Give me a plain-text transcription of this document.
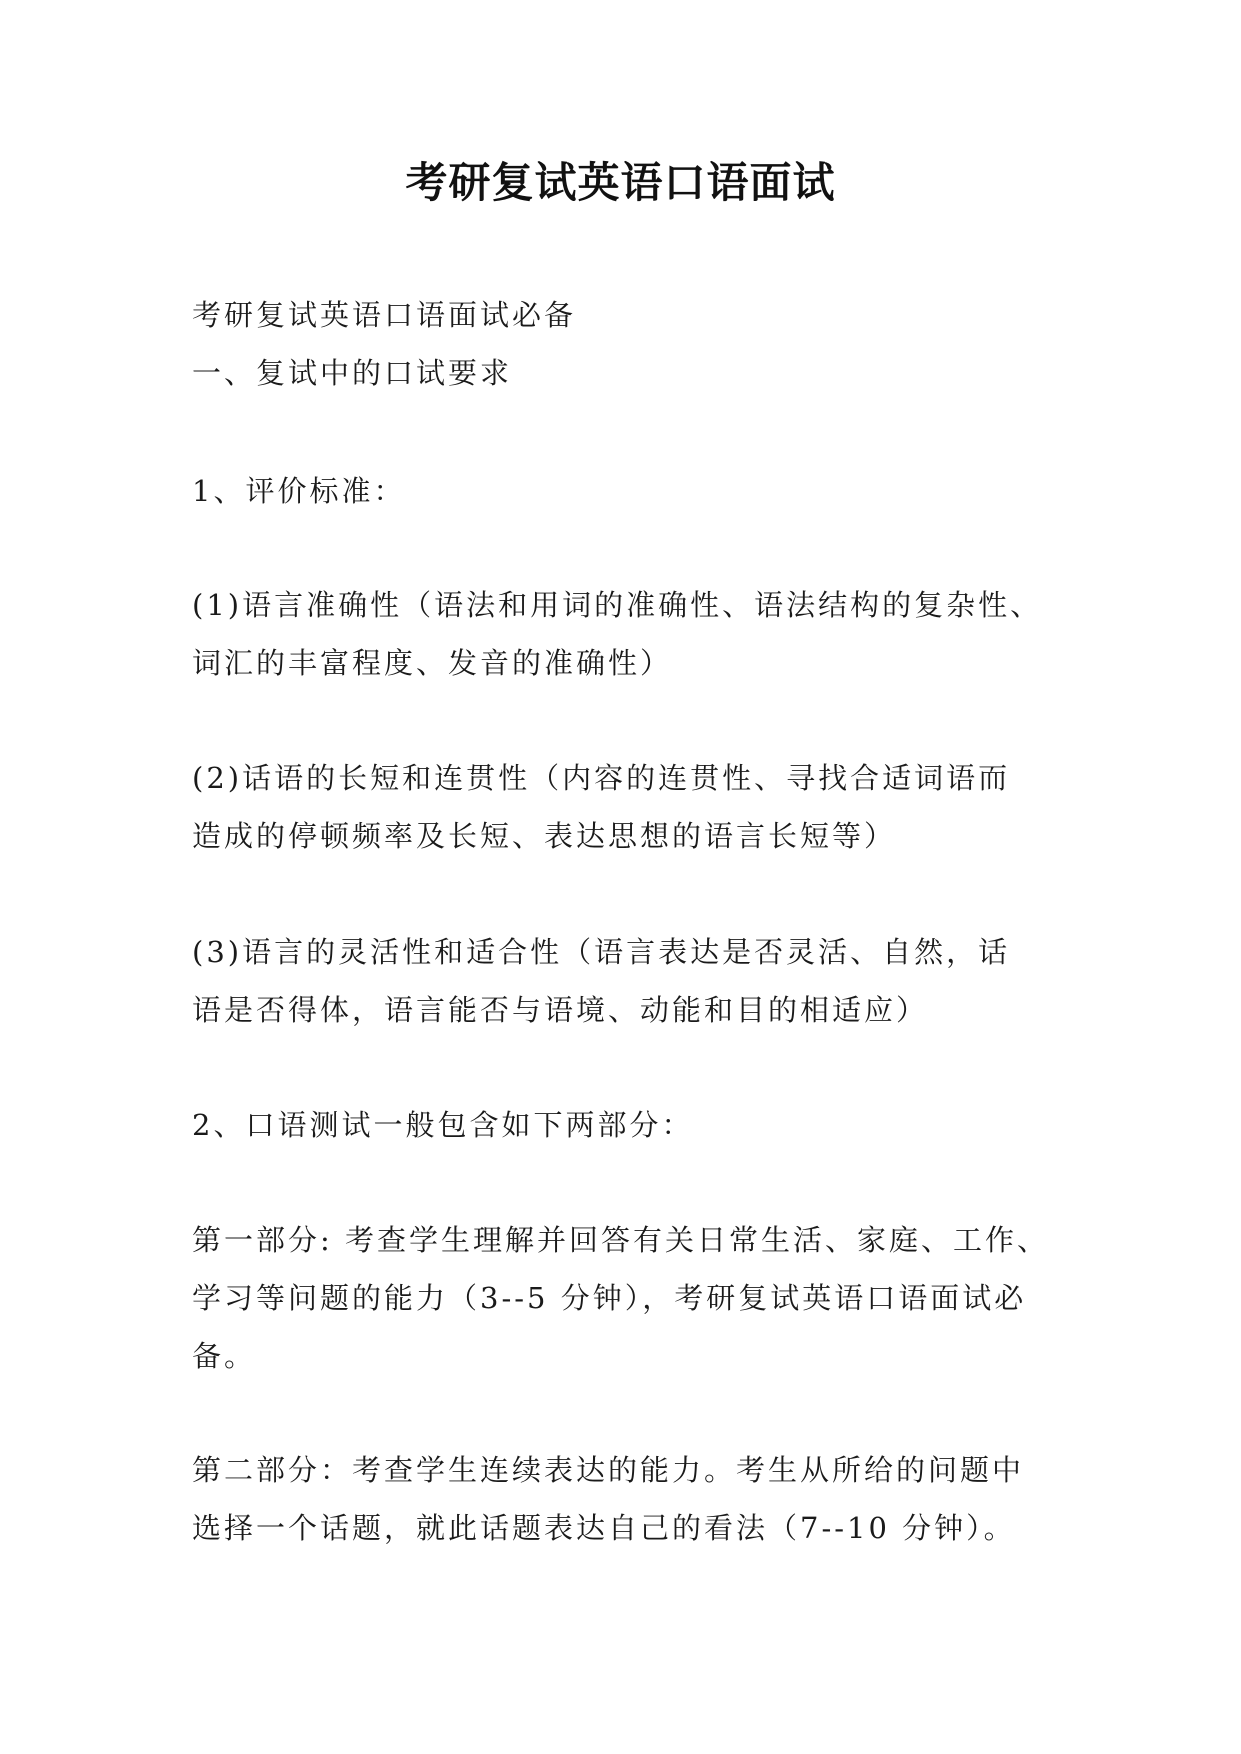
考研复试英语口语面试
考研复试英语口语面试必备
一、复试中的口试要求
1、评价标准：
(1)语言准确性（语法和用词的准确性、语法结构的复杂性、
词汇的丰富程度、发音的准确性）
(2)话语的长短和连贯性（内容的连贯性、寻找合适词语而
造成的停顿频率及长短、表达思想的语言长短等）
(3)语言的灵活性和适合性（语言表达是否灵活、自然，话
语是否得体，语言能否与语境、动能和目的相适应）
2、口语测试一般包含如下两部分：
第一部分: 考查学生理解并回答有关日常生活、家庭、工作、
学习等问题的能力（3--5 分钟），考研复试英语口语面试必
备。
第二部分：考查学生连续表达的能力。考生从所给的问题中
选择一个话题，就此话题表达自己的看法（7--10 分钟）。
